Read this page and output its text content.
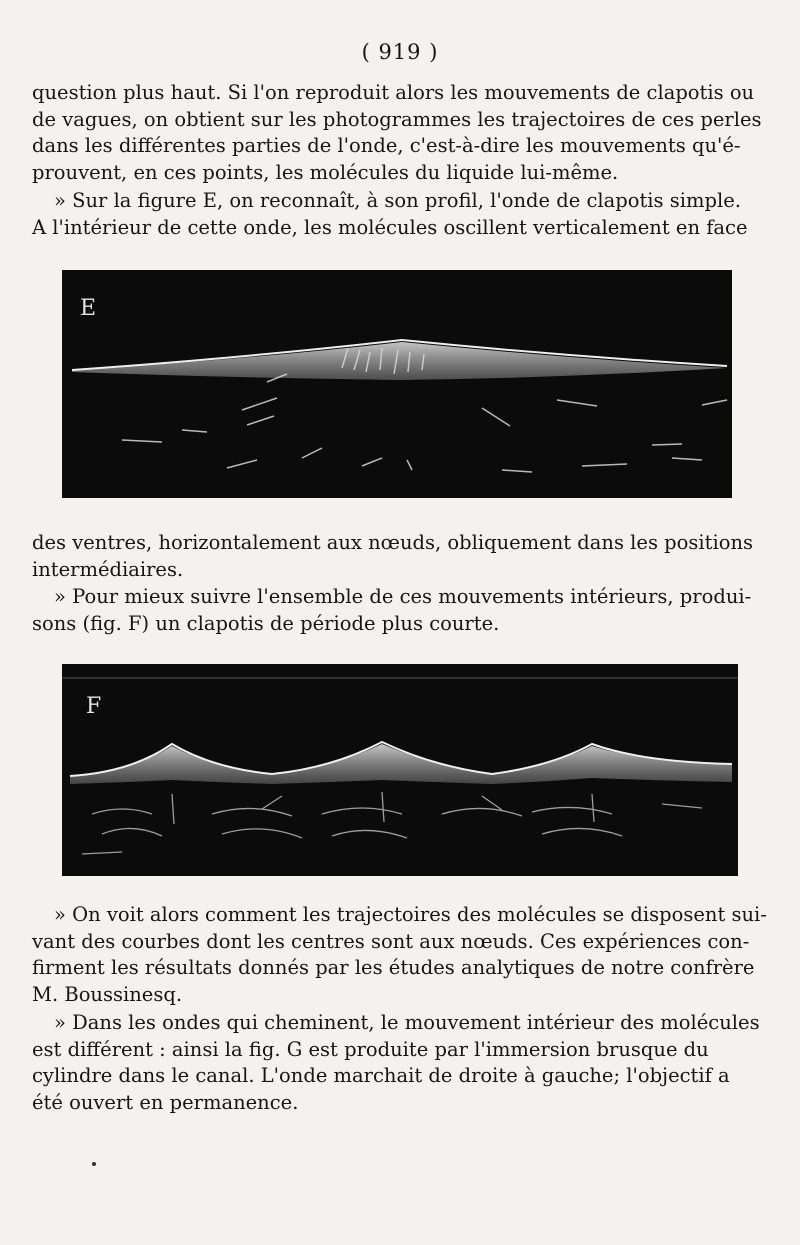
( 919 )

question plus haut. Si l'on reproduit alors les mouvements de clapotis ou
de vagues, on obtient sur les photogrammes les trajectoires de ces perles
dans les différentes parties de l'onde, c'est-à-dire les mouvements qu'é-
prouvent, en ces points, les molécules du liquide lui-même.

» Sur la figure E, on reconnaît, à son profil, l'onde de clapotis simple.
A l'intérieur de cette onde, les molécules oscillent verticalement en face

E

des ventres, horizontalement aux nœuds, obliquement dans les positions
intermédiaires.

» Pour mieux suivre l'ensemble de ces mouvements intérieurs, produi-
sons (fig. F) un clapotis de période plus courte.

F

» On voit alors comment les trajectoires des molécules se disposent sui-
vant des courbes dont les centres sont aux nœuds. Ces expériences con-
firment les résultats donnés par les études analytiques de notre confrère
M. Boussinesq.

» Dans les ondes qui cheminent, le mouvement intérieur des molécules
est différent : ainsi la fig. G est produite par l'immersion brusque du
cylindre dans le canal. L'onde marchait de droite à gauche; l'objectif a
été ouvert en permanence.
